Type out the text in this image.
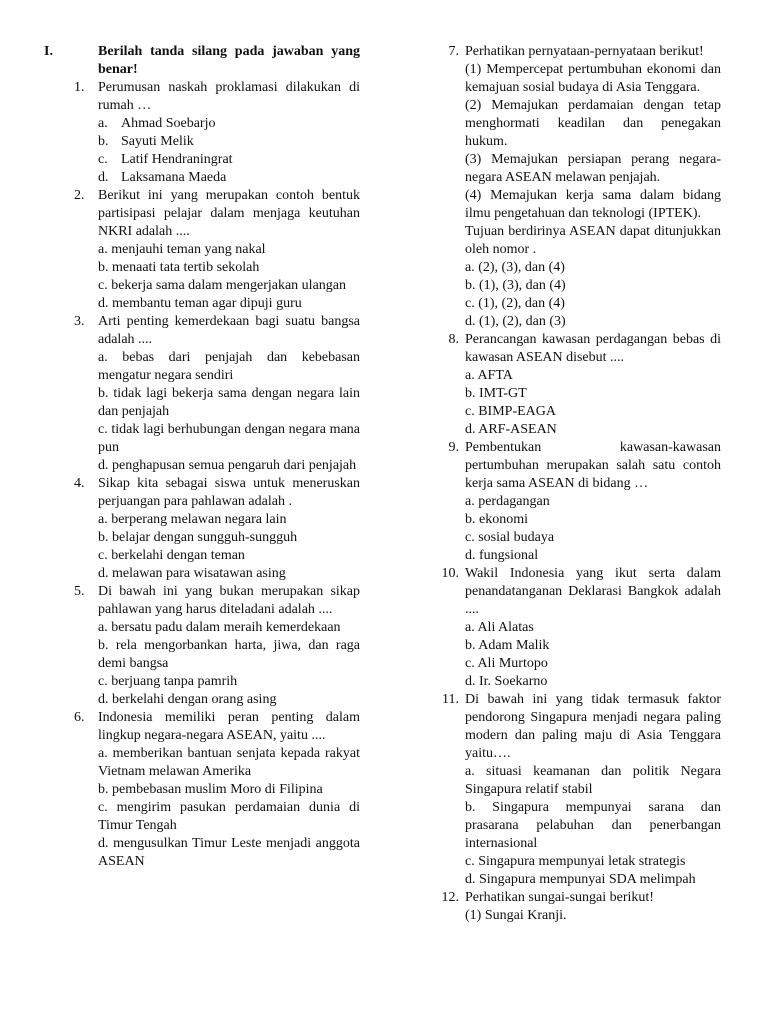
I.	Berilah tanda silang pada jawaban yang benar!
1. Perumusan naskah proklamasi dilakukan di rumah …
a. Ahmad Soebarjo
b. Sayuti Melik
c. Latif Hendraningrat
d. Laksamana Maeda
2. Berikut ini yang merupakan contoh bentuk partisipasi pelajar dalam menjaga keutuhan NKRI adalah ....
a. menjauhi teman yang nakal
b. menaati tata tertib sekolah
c. bekerja sama dalam mengerjakan ulangan
d. membantu teman agar dipuji guru
3. Arti penting kemerdekaan bagi suatu bangsa adalah ....
a. bebas dari penjajah dan kebebasan mengatur negara sendiri
b. tidak lagi bekerja sama dengan negara lain dan penjajah
c. tidak lagi berhubungan dengan negara mana pun
d. penghapusan semua pengaruh dari penjajah
4. Sikap kita sebagai siswa untuk meneruskan perjuangan para pahlawan adalah .
a. berperang melawan negara lain
b. belajar dengan sungguh-sungguh
c. berkelahi dengan teman
d. melawan para wisatawan asing
5. Di bawah ini yang bukan merupakan sikap pahlawan yang harus diteladani adalah ....
a. bersatu padu dalam meraih kemerdekaan
b. rela mengorbankan harta, jiwa, dan raga demi bangsa
c. berjuang tanpa pamrih
d. berkelahi dengan orang asing
6. Indonesia memiliki peran penting dalam lingkup negara-negara ASEAN, yaitu ....
a. memberikan bantuan senjata kepada rakyat Vietnam melawan Amerika
b. pembebasan muslim Moro di Filipina
c. mengirim pasukan perdamaian dunia di Timur Tengah
d. mengusulkan Timur Leste menjadi anggota ASEAN
7. Perhatikan pernyataan-pernyataan berikut!
(1) Mempercepat pertumbuhan ekonomi dan kemajuan sosial budaya di Asia Tenggara.
(2) Memajukan perdamaian dengan tetap menghormati keadilan dan penegakan hukum.
(3) Memajukan persiapan perang negara-negara ASEAN melawan penjajah.
(4) Memajukan kerja sama dalam bidang ilmu pengetahuan dan teknologi (IPTEK).
Tujuan berdirinya ASEAN dapat ditunjukkan oleh nomor .
a. (2), (3), dan (4)
b. (1), (3), dan (4)
c. (1), (2), dan (4)
d. (1), (2), dan (3)
8. Perancangan kawasan perdagangan bebas di kawasan ASEAN disebut ....
a. AFTA
b. IMT-GT
c. BIMP-EAGA
d. ARF-ASEAN
9. Pembentukan kawasan-kawasan pertumbuhan merupakan salah satu contoh kerja sama ASEAN di bidang …
a. perdagangan
b. ekonomi
c. sosial budaya
d. fungsional
10. Wakil Indonesia yang ikut serta dalam penandatanganan Deklarasi Bangkok adalah ....
a. Ali Alatas
b. Adam Malik
c. Ali Murtopo
d. Ir. Soekarno
11. Di bawah ini yang tidak termasuk faktor pendorong Singapura menjadi negara paling modern dan paling maju di Asia Tenggara yaitu….
a. situasi keamanan dan politik Negara Singapura relatif stabil
b. Singapura mempunyai sarana dan prasarana pelabuhan dan penerbangan internasional
c. Singapura mempunyai letak strategis
d. Singapura mempunyai SDA melimpah
12. Perhatikan sungai-sungai berikut!
(1) Sungai Kranji.
